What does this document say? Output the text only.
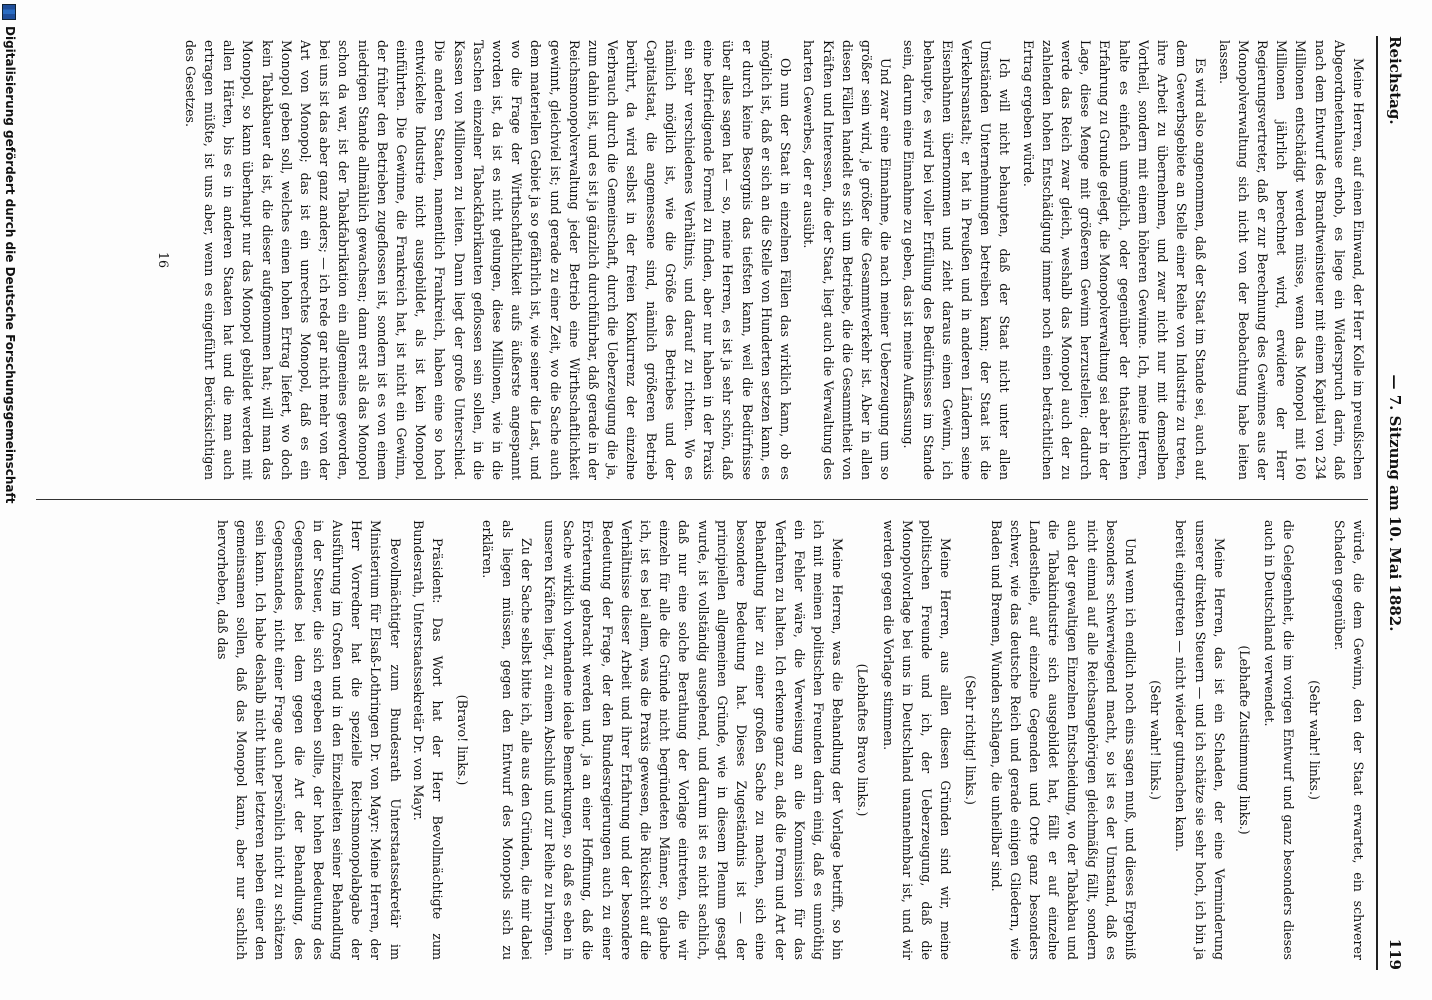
Reichstag.
— 7. Sitzung am 10. Mai 1882.
119

Meine Herren, auf einen Einwand, der Herr Kolle im preußischen Abgeordnetenhause erhob, es liege ein Widerspruch darin, daß nach dem Entwurf des Brandtweinsteuer mit einem Kapital von 234 Millionen entschädigt werden müsse, wenn das Monopol mit 160 Millionen jährlich berechnet wird, erwidere der Herr Regierungsvertreter, daß er zur Berechnung des Gewinnes aus der Monopolverwaltung sich nicht von der Beobachtung habe leiten lassen.

Es wird also angenommen, daß der Staat im Stande sei, auch auf dem Gewerbsgebiete an Stelle einer Reihe von Industrie zu treten, ihre Arbeit zu übernehmen, und zwar nicht nur mit demselben Vortheil, sondern mit einem höheren Gewinne. Ich, meine Herren, halte es einfach unmöglich, oder gegenüber der thatsächlichen Erfahrung zu Grunde gelegt, die Monopolverwaltung sei aber in der Lage, diese Menge mit größerem Gewinn herzustellen; dadurch werde das Reich zwar gleich, weshalb das Monopol auch der zu zahlenden hohen Entschädigung immer noch einen beträchtlichen Ertrag ergeben würde.

Ich will nicht behaupten, daß der Staat nicht unter allen Umständen Unternehmungen betreiben kann; der Staat ist die Verkehrsanstalt; er hat in Preußen und in anderen Ländern seine Eisenbahnen übernommen und zieht daraus einen Gewinn, ich behaupte, es wird bei voller Erfüllung des Bedürfnisses im Stande sein, darum eine Einnahme zu geben, das ist meine Auffassung.

Und zwar eine Einnahme, die nach meiner Ueberzeugung um so größer sein wird, je größer die Gesammtverkehr ist. Aber in allen diesen Fällen handelt es sich um Betriebe, die die Gesammtheit von Kräften und Interessen, die der Staat, liegt auch die Verwaltung des harten Gewerbes, der er ausübt.

Ob nun der Staat in einzelnen Fällen das wirklich kann, ob es möglich ist, daß er sich an die Stelle von Hunderten setzen kann, es er durch keine Besorgnis das tiefsten kann, weil die Bedürfnisse über alles sagen hat — so, meine Herren, es ist ja sehr schön, daß eine befriedigende Formel zu finden, aber nur haben in der Praxis ein sehr verschiedenes Verhältnis, und darauf zu richten. Wo es nämlich möglich ist, wie die Größe des Betriebes und der Capitalstaat, die angemessene sind, nämlich größeren Betrieb berührt, da wird selbst in der freien Konkurrenz der einzelne Verbrauch durch die Gemeinschaft, durch die Ueberzeugung die ja, zum dahin ist, und es ist ja gänzlich durchführbar, daß gerade in der Reichsmonopolverwaltung jeder Betrieb eine Wirthschaftlichkeit gewinnt, gleichviel ist; und gerade zu einer Zeit, wo die Sache auch dem materiellen Gebiet ja so gefährlich ist, wie seiner die Last, und wo die Frage der Wirthschaftlichkeit aufs äußerste angespannt worden ist, da ist es nicht gelungen, diese Millionen, wie in die Taschen einzelner Tabackfabrikanten geflossen sein sollen, in die Kassen von Millionen zu leiten. Dann liegt der große Unterschied. Die anderen Staaten, namentlich Frankreich, haben eine so hoch entwickelte Industrie nicht ausgebildet, als ist kein Monopol einführten. Die Gewinne, die Frankreich hat, ist nicht ein Gewinn, der früher den Betrieben zugeflossen ist, sondern ist es von einem niedrigen Stande allmählich gewachsen; dann erst als das Monopol schon da war, ist der Tabakfabrikation ein allgemeines geworden, bei uns ist das aber ganz anders; — ich rede gar nicht mehr von der Art von Monopol; das ist ein unrechtes Monopol, daß es ein Monopol geben soll, welches einen hohen Ertrag liefert, wo doch kein Tabakbauer da ist, die dieser aufgenommen hat; will man das Monopol, so kann überhaupt nur das Monopol gebildet werden mit allen Härten, bis es in anderen Staaten hat und die man auch ertragen müßte, ist uns aber, wenn es eingeführt Berücksichtigen des Gesetzes.

16

würde, die dem Gewinn, den der Staat erwartet, ein schwerer Schaden gegenüber.

(Sehr wahr! links.)

die Gelegenheit, die im vorigen Entwurf und ganz besonders dieses auch in Deutschland verwendet.

(Lebhafte Zustimmung links.)

Meine Herren, das ist ein Schaden, der eine Verminderung unserer direkten Steuern — und ich schätze sie sehr hoch, ich bin ja bereit eingetreten — nicht wieder gutmachen kann.

(Sehr wahr! links.)

Und wenn ich endlich noch eins sagen muß, und dieses Ergebniß besonders schwerwiegend macht, so ist es der Umstand, daß es nicht einmal auf alle Reichsangehörigen gleichmäßig fällt, sondern auch der gewaltigen Einzelnen Entscheidung, wo der Tabakbau und die Tabakindustrie sich ausgebildet hat, fällt er auf einzelne Landestheile, auf einzelne Gegenden und Orte ganz besonders schwer, wie das deutsche Reich und gerade einigen Gliedern, wie Baden und Bremen, Wunden schlagen, die unheilbar sind.

(Sehr richtig! links.)

Meine Herren, aus allen diesen Gründen sind wir, meine politischen Freunde und ich, der Ueberzeugung, daß die Monopolvorlage bei uns in Deutschland unannehmbar ist, und wir werden gegen die Vorlage stimmen.

(Lebhaftes Bravo links.)

Meine Herren, was die Behandlung der Vorlage betrifft, so bin ich mit meinen politischen Freunden darin einig, daß es unnöthig ein Fehler wäre, die Verweisung an die Kommission für das Verfahren zu halten. Ich erkenne ganz an, daß die Form und Art der Behandlung hier zu einer großen Sache zu machen, sich eine besondere Bedeutung hat. Dieses Zugeständnis ist — der principiellen allgemeinen Gründe, wie in diesem Plenum gesagt wurde, ist vollständig ausgehend, und darum ist es nicht sachlich, daß nur eine solche Berathung der Vorlage eintreten, die wir einzeln für alle die Gründe nicht begründeten Männer, so glaube ich, ist es bei allem, was die Praxis gewesen, die Rücksicht auf die Verhältnisse dieser Arbeit und ihrer Erfahrung und der besondere Bedeutung der Frage, der den Bundesregierungen auch zu einer Erörterung gebracht werden und, ja an einer Hoffnung, daß die Sache wirklich vorhandene ideale Bemerkungen, so daß es eben in unseren Kräften liegt, zu einem Abschluß und zur Reihe zu bringen.

Zu der Sache selbst bitte ich, alle aus den Gründen, die mir dabei als liegen müssen, gegen den Entwurf des Monopols sich zu erklären.

(Bravo! links.)

Präsident: Das Wort hat der Herr Bevollmächtigte zum Bundesrath, Unterstaatssekretär Dr. von Mayr.

Bevollmächtigter zum Bundesrath Unterstaatssekretär im Ministerium für Elsaß-Lothringen Dr. von Mayr: Meine Herren, der Herr Vorredner hat die spezielle Reichsmonopolabgabe der Ausführung im Großen und in den Einzelheiten seiner Behandlung in der Steuer, die sich ergeben sollte, der hohen Bedeutung des Gegenstandes bei dem gegen die Art der Behandlung, des Gegenstandes, nicht einer Frage auch persönlich nicht zu schätzen sein kann. Ich habe deshalb nicht hinter letzteren neben einer den gemeinsamen sollen, daß das Monopol kann, aber nur sachlich hervorheben, daß das

Digitalisierung gefördert durch die Deutsche Forschungsgemeinschaft
